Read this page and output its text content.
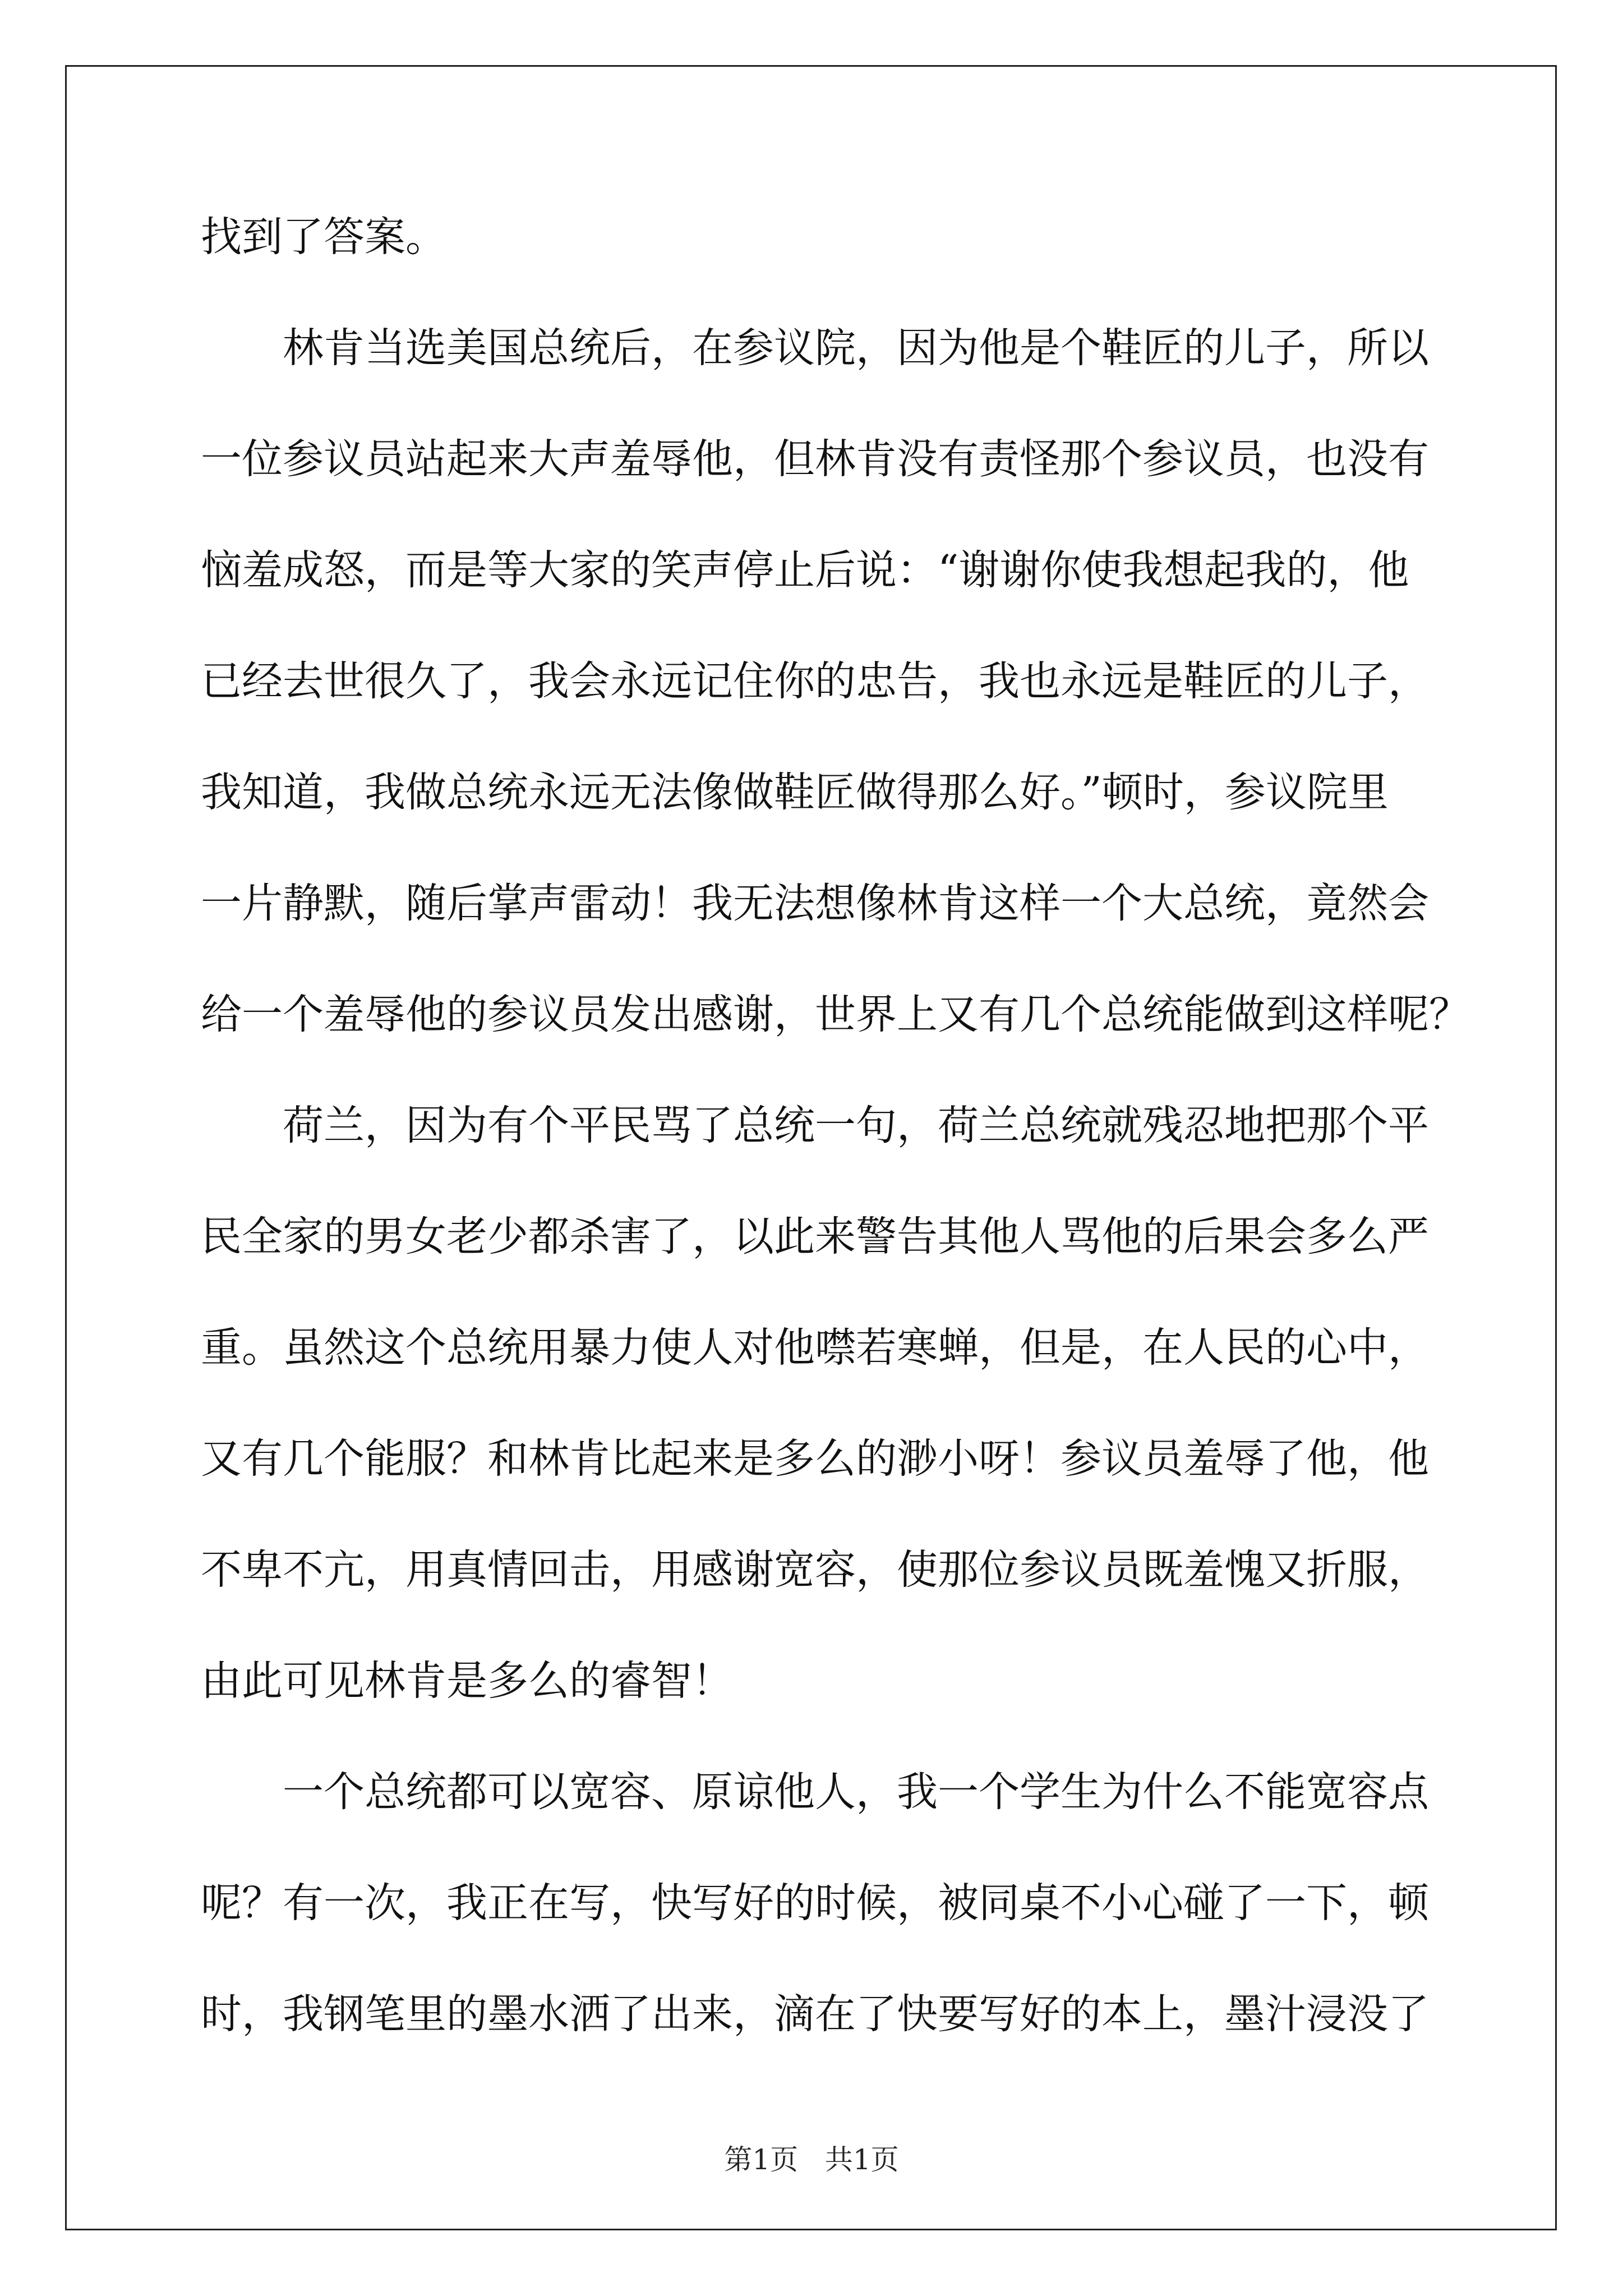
找到了答案。
林肯当选美国总统后，在参议院，因为他是个鞋匠的儿子，所以
一位参议员站起来大声羞辱他，但林肯没有责怪那个参议员，也没有
恼羞成怒，而是等大家的笑声停止后说：“谢谢你使我想起我的，他
已经去世很久了，我会永远记住你的忠告，我也永远是鞋匠的儿子，
我知道，我做总统永远无法像做鞋匠做得那么好。”顿时，参议院里
一片静默，随后掌声雷动！我无法想像林肯这样一个大总统，竟然会
给一个羞辱他的参议员发出感谢，世界上又有几个总统能做到这样呢？
荷兰，因为有个平民骂了总统一句，荷兰总统就残忍地把那个平
民全家的男女老少都杀害了，以此来警告其他人骂他的后果会多么严
重。虽然这个总统用暴力使人对他噤若寒蝉，但是，在人民的心中，
又有几个能服？和林肯比起来是多么的渺小呀！参议员羞辱了他，他
不卑不亢，用真情回击，用感谢宽容，使那位参议员既羞愧又折服，
由此可见林肯是多么的睿智！
一个总统都可以宽容、原谅他人，我一个学生为什么不能宽容点
呢？有一次，我正在写，快写好的时候，被同桌不小心碰了一下，顿
时，我钢笔里的墨水洒了出来，滴在了快要写好的本上，墨汁浸没了
第1页   共1页
